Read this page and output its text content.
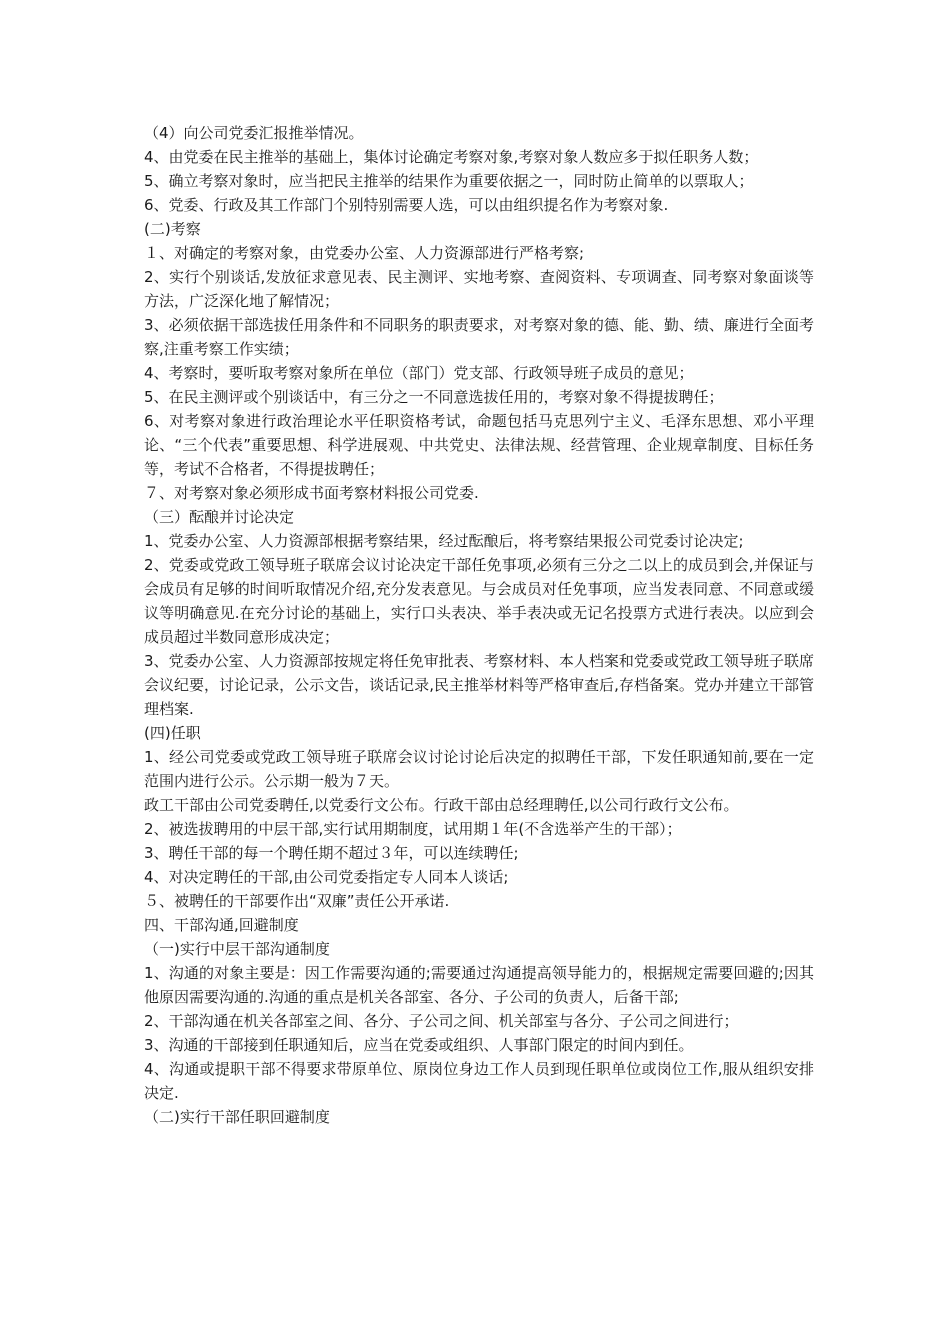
（4）向公司党委汇报推举情况。

4、由党委在民主推举的基础上，集体讨论确定考察对象,考察对象人数应多于拟任职务人数；

5、确立考察对象时，应当把民主推举的结果作为重要依据之一，同时防止简单的以票取人；

6、党委、行政及其工作部门个别特别需要人选，可以由组织提名作为考察对象.

(二)考察

１、对确定的考察对象，由党委办公室、人力资源部进行严格考察;

2、实行个别谈话,发放征求意见表、民主测评、实地考察、查阅资料、专项调查、同考察对象面谈等方法，广泛深化地了解情况；

3、必须依据干部选拔任用条件和不同职务的职责要求，对考察对象的德、能、勤、绩、廉进行全面考察,注重考察工作实绩；

4、考察时，要听取考察对象所在单位（部门）党支部、行政领导班子成员的意见；

5、在民主测评或个别谈话中，有三分之一不同意选拔任用的，考察对象不得提拔聘任；

6、对考察对象进行政治理论水平任职资格考试，命题包括马克思列宁主义、毛泽东思想、邓小平理论、“三个代表”重要思想、科学进展观、中共党史、法律法规、经营管理、企业规章制度、目标任务等，考试不合格者，不得提拔聘任；

７、对考察对象必须形成书面考察材料报公司党委.

（三）酝酿并讨论决定

1、党委办公室、人力资源部根据考察结果，经过酝酿后，将考察结果报公司党委讨论决定;

2、党委或党政工领导班子联席会议讨论决定干部任免事项,必须有三分之二以上的成员到会,并保证与会成员有足够的时间听取情况介绍,充分发表意见。与会成员对任免事项，应当发表同意、不同意或缓议等明确意见.在充分讨论的基础上，实行口头表决、举手表决或无记名投票方式进行表决。以应到会成员超过半数同意形成决定；

3、党委办公室、人力资源部按规定将任免审批表、考察材料、本人档案和党委或党政工领导班子联席会议纪要，讨论记录，公示文告，谈话记录,民主推举材料等严格审查后,存档备案。党办并建立干部管理档案.

(四)任职

1、经公司党委或党政工领导班子联席会议讨论讨论后决定的拟聘任干部，下发任职通知前,要在一定范围内进行公示。公示期一般为７天。

政工干部由公司党委聘任,以党委行文公布。行政干部由总经理聘任,以公司行政行文公布。

2、被选拔聘用的中层干部,实行试用期制度，试用期１年(不含选举产生的干部）；

3、聘任干部的每一个聘任期不超过３年，可以连续聘任;

4、对决定聘任的干部,由公司党委指定专人同本人谈话;

５、被聘任的干部要作出“双廉”责任公开承诺.

四、干部沟通,回避制度

（一)实行中层干部沟通制度

1、沟通的对象主要是：因工作需要沟通的;需要通过沟通提高领导能力的，根据规定需要回避的;因其他原因需要沟通的.沟通的重点是机关各部室、各分、子公司的负责人，后备干部;

2、干部沟通在机关各部室之间、各分、子公司之间、机关部室与各分、子公司之间进行；

3、沟通的干部接到任职通知后，应当在党委或组织、人事部门限定的时间内到任。

4、沟通或提职干部不得要求带原单位、原岗位身边工作人员到现任职单位或岗位工作,服从组织安排决定.

（二)实行干部任职回避制度
